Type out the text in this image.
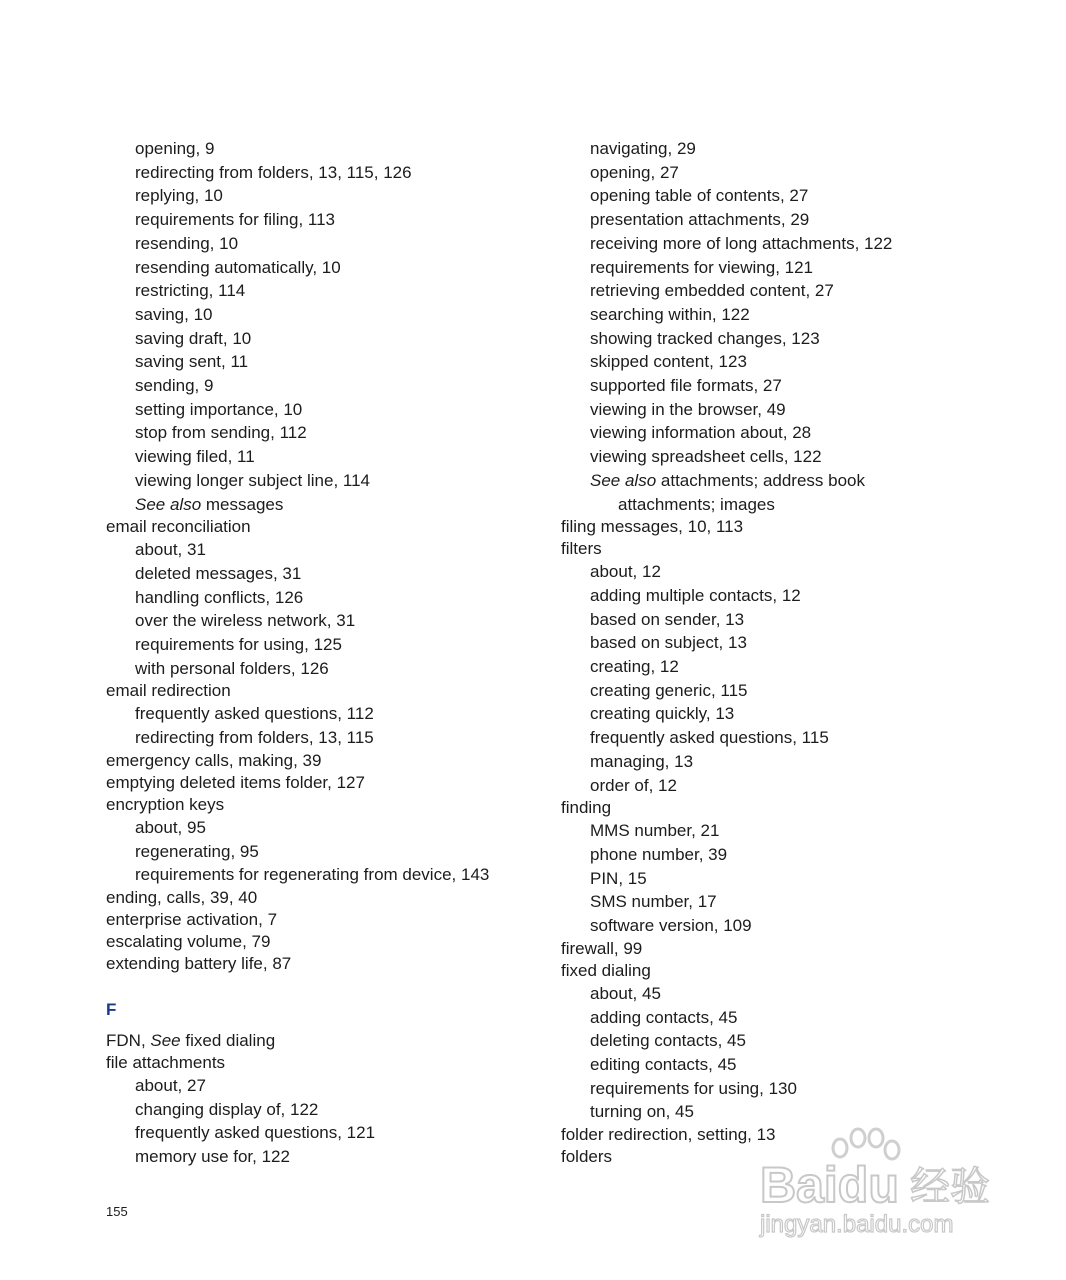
opening, 9
redirecting from folders, 13, 115, 126
replying, 10
requirements for filing, 113
resending, 10
resending automatically, 10
restricting, 114
saving, 10
saving draft, 10
saving sent, 11
sending, 9
setting importance, 10
stop from sending, 112
viewing filed, 11
viewing longer subject line, 114
See also messages
email reconciliation
about, 31
deleted messages, 31
handling conflicts, 126
over the wireless network, 31
requirements for using, 125
with personal folders, 126
email redirection
frequently asked questions, 112
redirecting from folders, 13, 115
emergency calls, making, 39
emptying deleted items folder, 127
encryption keys
about, 95
regenerating, 95
requirements for regenerating from device, 143
ending, calls, 39, 40
enterprise activation, 7
escalating volume, 79
extending battery life, 87
F
FDN, See fixed dialing
file attachments
about, 27
changing display of, 122
frequently asked questions, 121
memory use for, 122
navigating, 29
opening, 27
opening table of contents, 27
presentation attachments, 29
receiving more of long attachments, 122
requirements for viewing, 121
retrieving embedded content, 27
searching within, 122
showing tracked changes, 123
skipped content, 123
supported file formats, 27
viewing in the browser, 49
viewing information about, 28
viewing spreadsheet cells, 122
See also attachments; address book
attachments; images
filing messages, 10, 113
filters
about, 12
adding multiple contacts, 12
based on sender, 13
based on subject, 13
creating, 12
creating generic, 115
creating quickly, 13
frequently asked questions, 115
managing, 13
order of, 12
finding
MMS number, 21
phone number, 39
PIN, 15
SMS number, 17
software version, 109
firewall, 99
fixed dialing
about, 45
adding contacts, 45
deleting contacts, 45
editing contacts, 45
requirements for using, 130
turning on, 45
folder redirection, setting, 13
folders
155	Baidu 经验
jingyan.baidu.com
